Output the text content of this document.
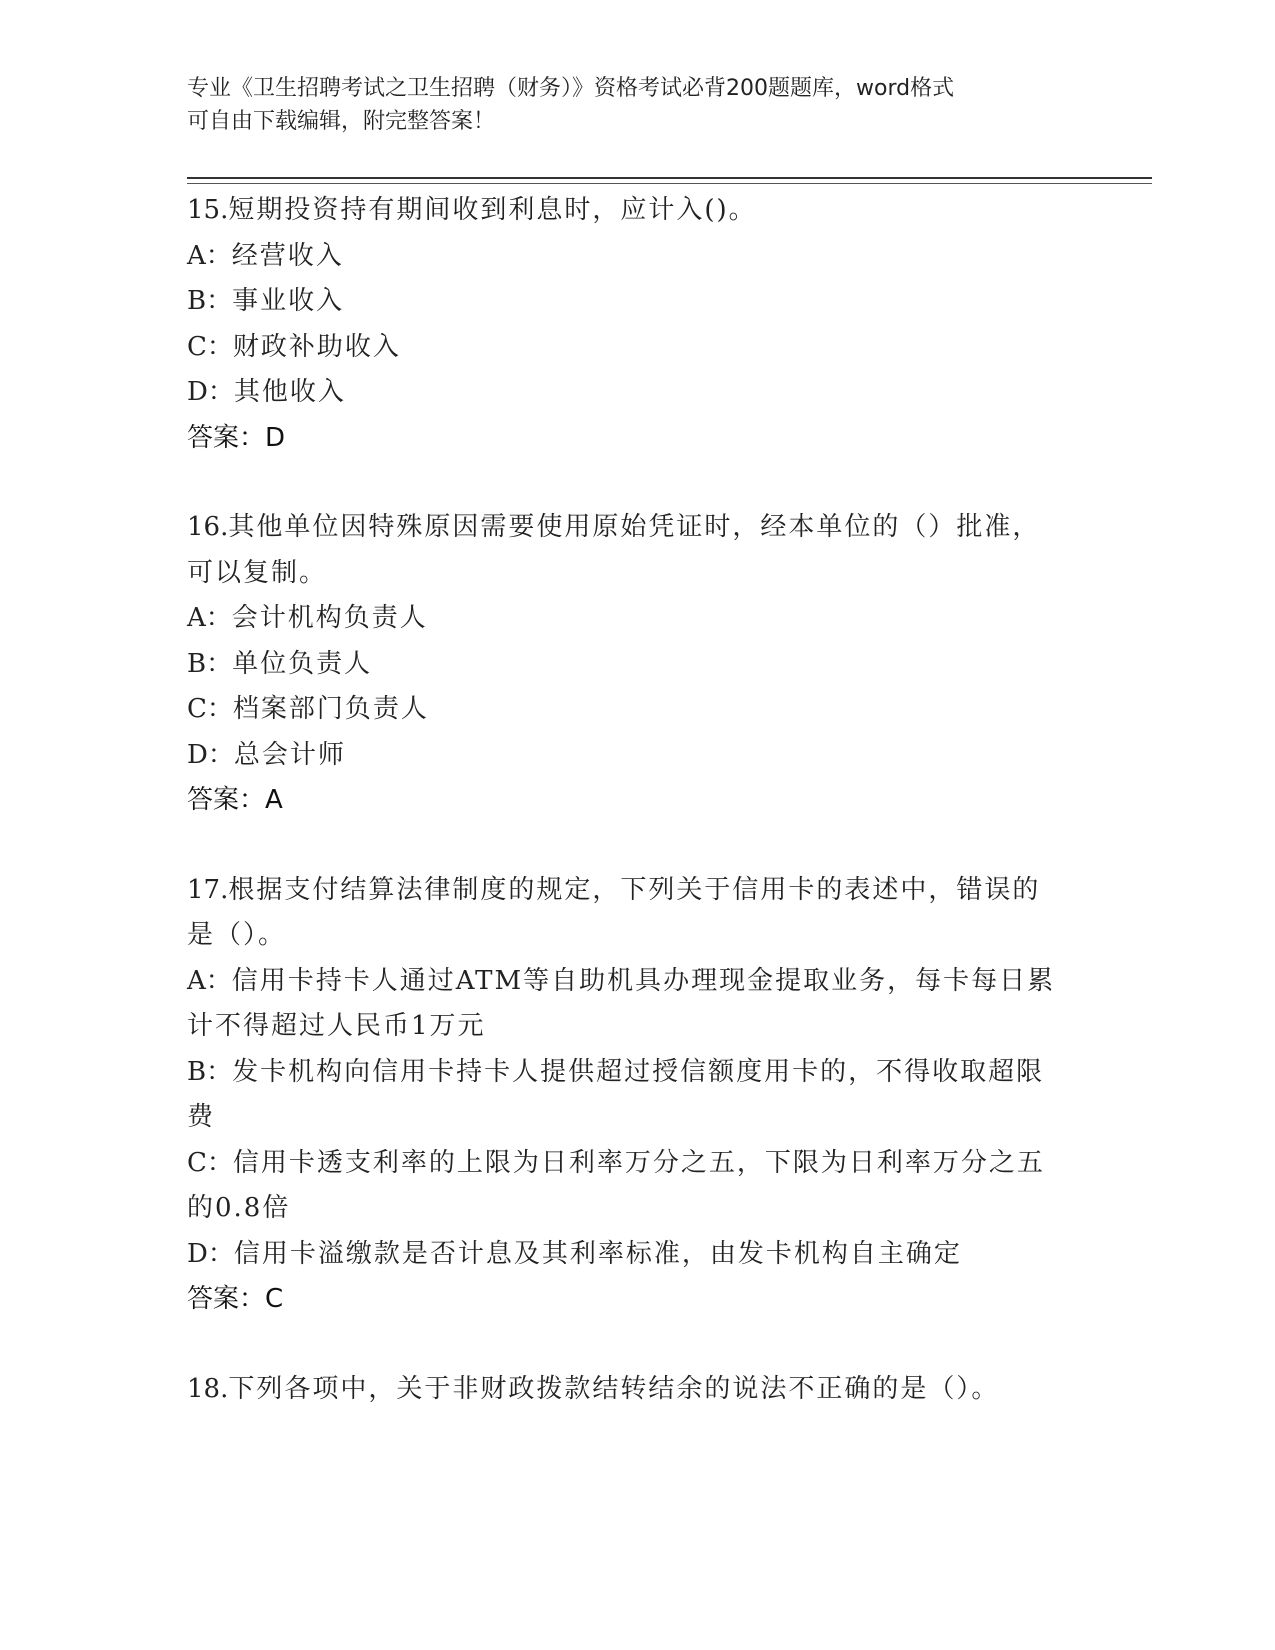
专业《卫生招聘考试之卫生招聘（财务）》资格考试必背200题题库，word格式
可自由下载编辑，附完整答案！
15.短期投资持有期间收到利息时，应计入()。
A：经营收入
B：事业收入
C：财政补助收入
D：其他收入
答案：D
16.其他单位因特殊原因需要使用原始凭证时，经本单位的（）批准，
可以复制。
A：会计机构负责人
B：单位负责人
C：档案部门负责人
D：总会计师
答案：A
17.根据支付结算法律制度的规定，下列关于信用卡的表述中，错误的
是（）。
A：信用卡持卡人通过ATM等自助机具办理现金提取业务，每卡每日累
计不得超过人民币1万元
B：发卡机构向信用卡持卡人提供超过授信额度用卡的，不得收取超限
费
C：信用卡透支利率的上限为日利率万分之五，下限为日利率万分之五
的0.8倍
D：信用卡溢缴款是否计息及其利率标准，由发卡机构自主确定
答案：C
18.下列各项中，关于非财政拨款结转结余的说法不正确的是（）。
